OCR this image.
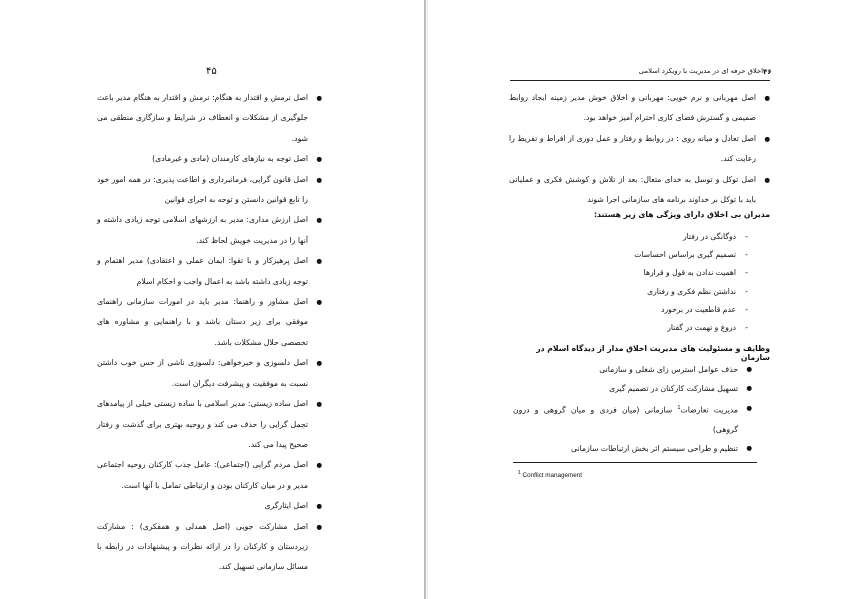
۴۵
● اصل نرمش و اقتدار به هنگام: نرمش و اقتدار به هنگام مدیر باعث جلوگیری از مشکلات و انعطاف در شرایط و سازگاری منطقی می شود.
● اصل توجه به نیازهای کارمندان (مادی و غیرمادی)
● اصل قانون گرایی، فرمانبرداری و اطاعت پذیری: در همه امور خود را تابع قوانین دانستن و توجه به اجرای قوانین
● اصل ارزش مداری: مدیر به ارزشهای اسلامی توجه زیادی داشته و آنها را در مدیریت خویش لحاظ کند.
● اصل پرهیزکار و با تقوا: ایمان عملی و اعتقادی) مدیر اهتمام و توجه زیادی داشته باشد به اعمال واجب و احکام اسلام
● اصل مشاور و راهنما: مدیر باید در امورات سازمانی راهنمای موفقی برای زیر دستان باشد و با راهنمایی و مشاوره های تخصصی حلال مشکلات باشد.
● اصل دلسوزی و خیرخواهی: دلسوزی ناشی از حس خوب داشتن نسبت به موفقیت و پیشرفت دیگران است.
● اصل ساده زیستی: مدیر اسلامی با ساده زیستی خیلی از پیامدهای تجمل گرایی را حذف می کند و روحیه بهتری برای گذشت و رفتار صحیح پیدا می کند.
● اصل مردم گرایی (اجتماعی): عامل جذب کارکنان روحیه اجتماعی مدیر و در میان کارکنان بودن و ارتباطی تمامل با آنها است.
● اصل ایثارگری
● اصل مشارکت جویی (اصل همدلی و همفکری) : مشارکت زیردستان و کارکنان را در ارائه نظرات و پیشنهادات در رابطه با مسائل سازمانی تسهیل کند.
۴۶
اخلاق حرفه ای در مدیریت با رویکرد اسلامی
● اصل مهربانی و نرم خویی: مهربانی و اخلاق خوش مدیر زمینه ایجاد روابط صمیمی و گسترش فضای کاری احترام آمیز خواهد بود.
● اصل تعادل و میانه روی : در روابط و رفتار و عمل دوری از افراط و تفریط را رعایت کند.
● اصل توکل و توسل به خدای متعال: بعد از تلاش و کوشش فکری و عملیاتی باید با توکل بر خداوند برنامه های سازمانی اجرا شوند
مدیران بی اخلاق دارای ویژگی های زیر هستند:
- دوگانگی در رفتار
- تصمیم گیری براساس احساسات
- اهمیت ندادن به قول و قرارها
- نداشتن نظم فکری و رفتاری
- عدم قاطعیت در برخورد
- دروغ و تهمت در گفتار
وظایف و مسئولیت های مدیریت اخلاق مدار از دیدگاه اسلام در سازمان
● حذف عوامل استرس زای شغلی و سازمانی
● تسهیل مشارکت کارکنان در تصمیم گیری
● مدیریت تعارضات$^1$ سازمانی (میان فردی و میان گروهی و درون گروهی)
● تنظیم و طراحی سیستم اثر بخش ارتباطات سازمانی
$^1$ Conflict management
